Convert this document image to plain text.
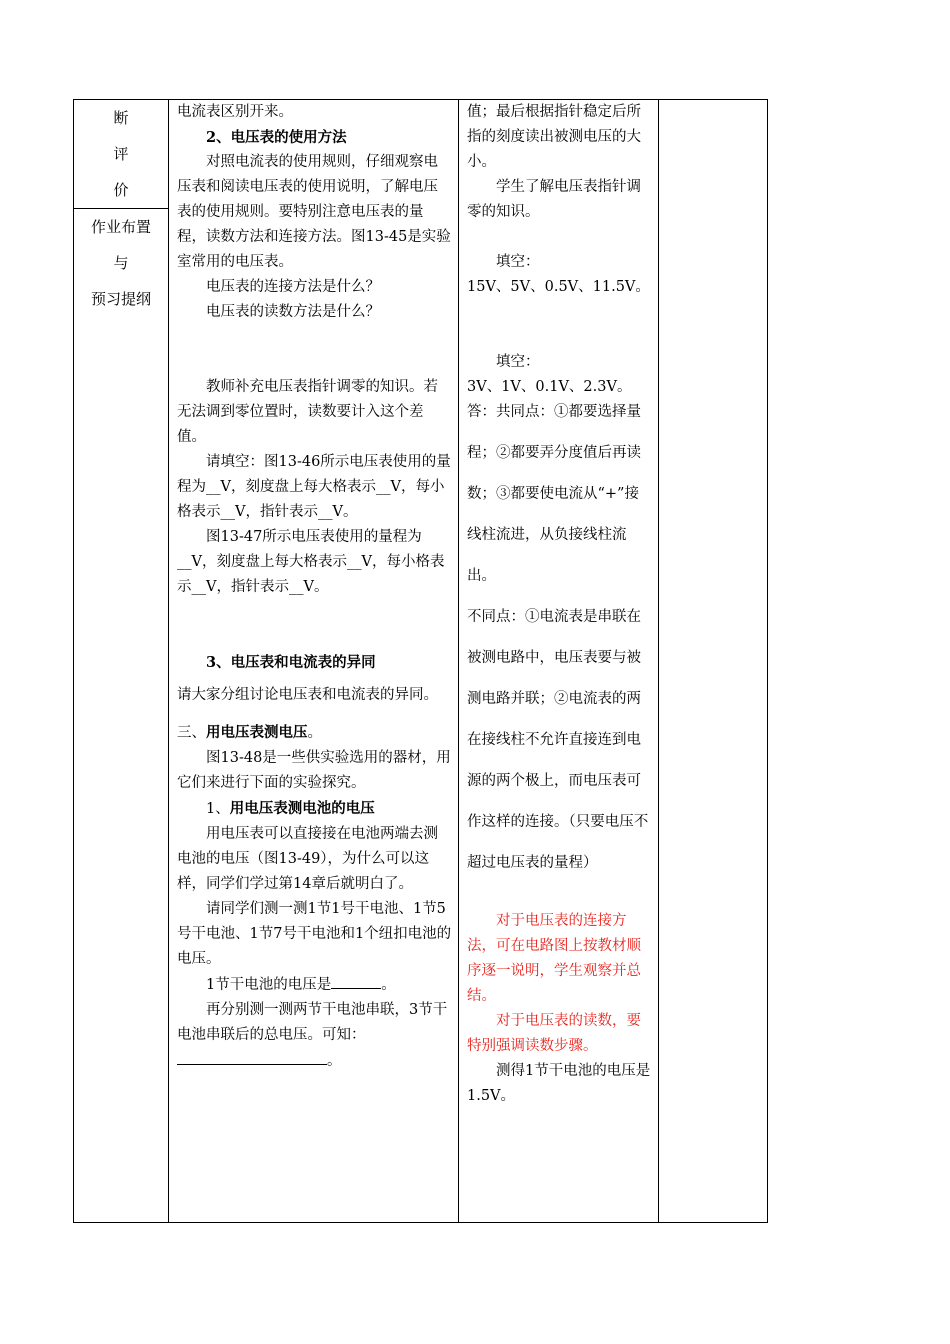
断
评
价
作业布置
与
预习提纲

电流表区别开来。
2、电压表的使用方法
对照电流表的使用规则，仔细观察电压表和阅读电压表的使用说明，了解电压表的使用规则。要特别注意电压表的量程，读数方法和连接方法。图13-45是实验室常用的电压表。
电压表的连接方法是什么？
电压表的读数方法是什么？
教师补充电压表指针调零的知识。若无法调到零位置时，读数要计入这个差值。
请填空：图13-46所示电压表使用的量程为__V，刻度盘上每大格表示__V，每小格表示__V，指针表示__V。
图13-47所示电压表使用的量程为__V，刻度盘上每大格表示__V，每小格表示__V，指针表示__V。
3、电压表和电流表的异同
请大家分组讨论电压表和电流表的异同。
三、用电压表测电压。
图13-48是一些供实验选用的器材，用它们来进行下面的实验探究。
1、用电压表测电池的电压
用电压表可以直接接在电池两端去测电池的电压（图13-49），为什么可以这样，同学们学过第14章后就明白了。
请同学们测一测1节1号干电池、1节5号干电池、1节7号干电池和1个纽扣电池的电压。
1节干电池的电压是	。
再分别测一测两节干电池串联，3节干电池串联后的总电压。可知：。

值；最后根据指针稳定后所指的刻度读出被测电压的大小。
学生了解电压表指针调零的知识。
填空：
15V、5V、0.5V、11.5V。
填空：
3V、1V、0.1V、2.3V。
答：共同点：①都要选择量程；②都要弄分度值后再读数；③都要使电流从“+”接线柱流进，从负接线柱流出。
不同点：①电流表是串联在被测电路中，电压表要与被测电路并联；②电流表的两在接线柱不允许直接连到电源的两个极上，而电压表可作这样的连接。（只要电压不超过电压表的量程）
对于电压表的连接方法，可在电路图上按教材顺序逐一说明，学生观察并总结。
对于电压表的读数，要特别强调读数步骤。
测得1节干电池的电压是1.5V。
